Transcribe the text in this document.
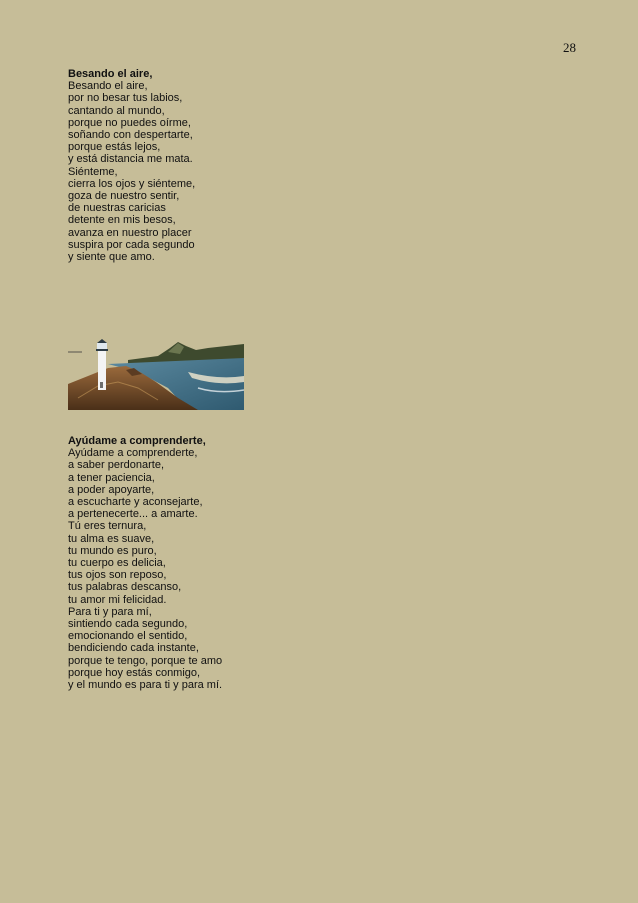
28
Besando el aire,
Besando el aire,
por no besar tus labios,
cantando al mundo,
porque no puedes oírme,
soñando con despertarte,
porque estás lejos,
y está distancia me mata.
Siénteme,
cierra los ojos y siénteme,
goza de nuestro sentir,
de nuestras caricias
detente en mis besos,
avanza en nuestro placer
suspira por cada segundo
y siente que amo.
Ayúdame a comprenderte,
Ayúdame a comprenderte,
a saber perdonarte,
a tener paciencia,
a poder apoyarte,
a escucharte y aconsejarte,
a pertenecerte... a amarte.
Tú eres ternura,
tu alma es suave,
tu mundo es puro,
tu cuerpo es delicia,
tus ojos son reposo,
tus palabras descanso,
tu amor mi felicidad.
Para ti y para mí,
sintiendo cada segundo,
emocionando el sentido,
bendiciendo cada instante,
porque te tengo, porque te amo
porque hoy estás conmigo,
y el mundo es para ti y para mí.
